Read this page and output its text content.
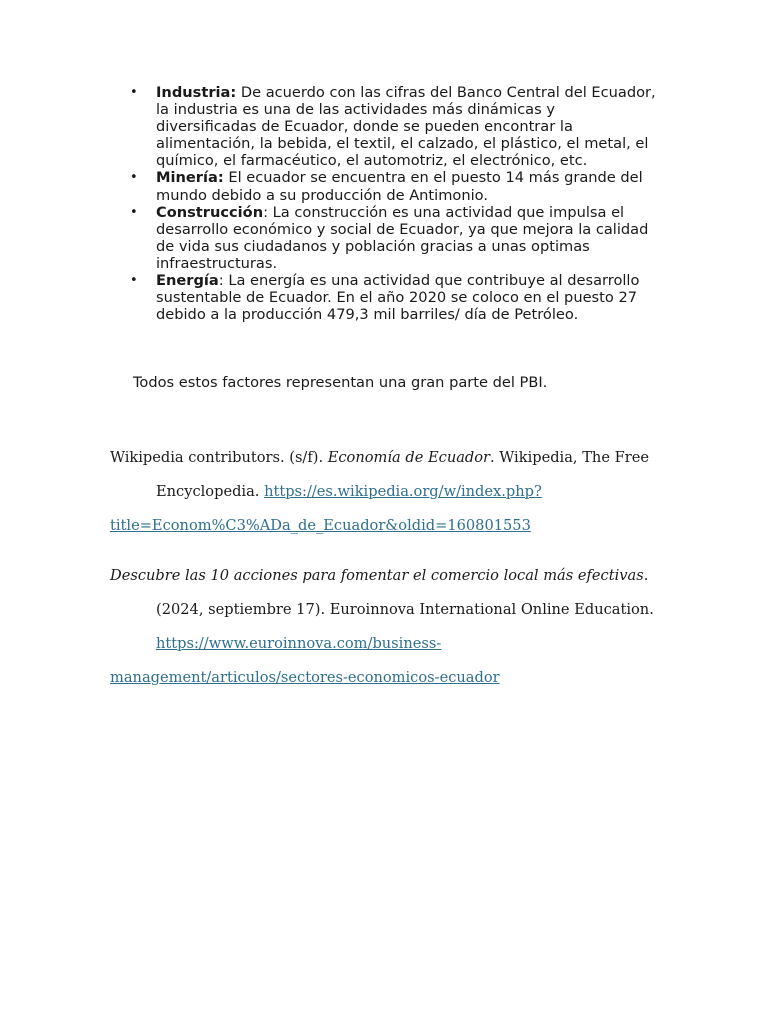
• Industria: De acuerdo con las cifras del Banco Central del Ecuador, la industria es una de las actividades más dinámicas y diversificadas de Ecuador, donde se pueden encontrar la alimentación, la bebida, el textil, el calzado, el plástico, el metal, el químico, el farmacéutico, el automotriz, el electrónico, etc.
• Minería: El ecuador se encuentra en el puesto 14 más grande del mundo debido a su producción de Antimonio.
• Construcción: La construcción es una actividad que impulsa el desarrollo económico y social de Ecuador, ya que mejora la calidad de vida sus ciudadanos y población gracias a unas optimas infraestructuras.
• Energía: La energía es una actividad que contribuye al desarrollo sustentable de Ecuador. En el año 2020 se coloco en el puesto 27 debido a la producción 479,3 mil barriles/ día de Petróleo.

Todos estos factores representan una gran parte del PBI.

Wikipedia contributors. (s/f). Economía de Ecuador. Wikipedia, The Free Encyclopedia. https://es.wikipedia.org/w/index.php?
title=Econom%C3%ADa_de_Ecuador&oldid=160801553

Descubre las 10 acciones para fomentar el comercio local más efectivas. (2024, septiembre 17). Euroinnova International Online Education. https://www.euroinnova.com/business-
management/articulos/sectores-economicos-ecuador
